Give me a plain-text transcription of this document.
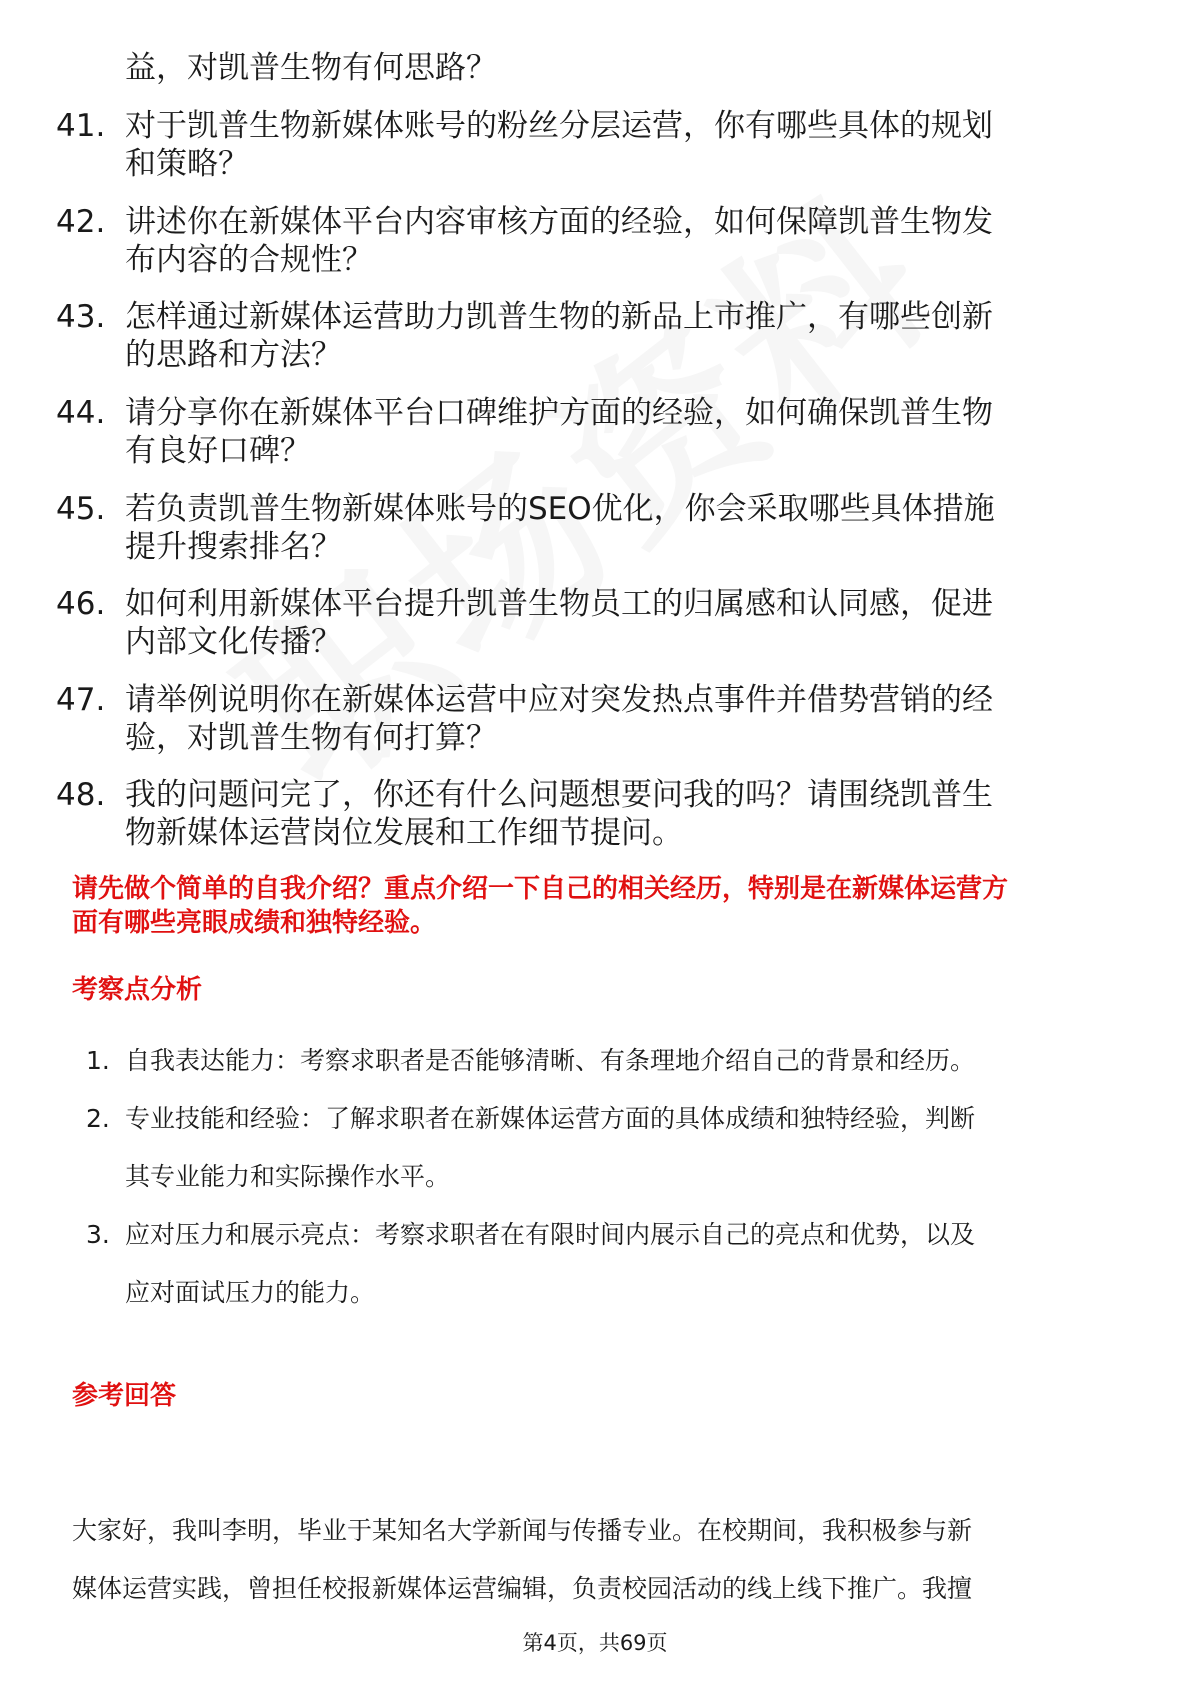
益，对凯普生物有何思路？
41. 对于凯普生物新媒体账号的粉丝分层运营，你有哪些具体的规划
和策略？
42. 讲述你在新媒体平台内容审核方面的经验，如何保障凯普生物发
布内容的合规性？
43. 怎样通过新媒体运营助力凯普生物的新品上市推广，有哪些创新
的思路和方法？
44. 请分享你在新媒体平台口碑维护方面的经验，如何确保凯普生物
有良好口碑？
45. 若负责凯普生物新媒体账号的SEO优化，你会采取哪些具体措施
提升搜索排名？
46. 如何利用新媒体平台提升凯普生物员工的归属感和认同感，促进
内部文化传播？
47. 请举例说明你在新媒体运营中应对突发热点事件并借势营销的经
验，对凯普生物有何打算？
48. 我的问题问完了，你还有什么问题想要问我的吗？请围绕凯普生
物新媒体运营岗位发展和工作细节提问。
请先做个简单的自我介绍？重点介绍一下自己的相关经历，特别是在新媒体运营方
面有哪些亮眼成绩和独特经验。
考察点分析
1. 自我表达能力：考察求职者是否能够清晰、有条理地介绍自己的背景和经历。
2. 专业技能和经验：了解求职者在新媒体运营方面的具体成绩和独特经验，判断
其专业能力和实际操作水平。
3. 应对压力和展示亮点：考察求职者在有限时间内展示自己的亮点和优势，以及
应对面试压力的能力。
参考回答
大家好，我叫李明，毕业于某知名大学新闻与传播专业。在校期间，我积极参与新
媒体运营实践，曾担任校报新媒体运营编辑，负责校园活动的线上线下推广。我擅
第4页，共69页
